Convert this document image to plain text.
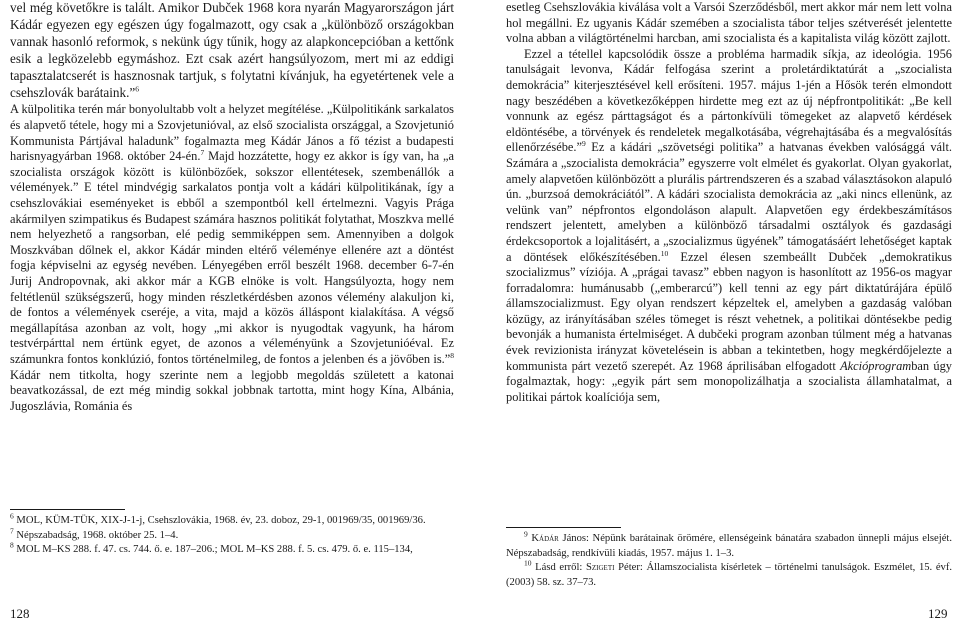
vel még követőkre is talált. Amikor Dubček 1968 kora nyarán Magyarországon járt Kádár egyezen egy egészen úgy fogalmazott, ogy csak a „különböző országokban vannak hasonló reformok, s nekünk úgy tűnik, hogy az alapkoncepcióban a kettőnk esik a legközelebb egymáshoz. Ezt csak azért hangsúlyozom, mert mi az eddigi tapasztalatcserét is hasznosnak tartjuk, s folytatni kívánjuk, ha egyetértenek vele a csehszlovák barátaink.”$^6$

A külpolitika terén már bonyolultabb volt a helyzet megítélése. „Külpolitikánk sarkalatos és alapvető tétele, hogy mi a Szovjetunióval, az első szocialista országgal, a Szovjetunió Kommunista Pártjával haladunk” fogalmazta meg Kádár János a fő tézist a budapesti harisnyagyárban 1968. október 24-én.$^7$ Majd hozzátette, hogy ez akkor is így van, ha „a szocialista országok között is különbözőek, sokszor ellentétesek, szembenállók a vélemények.” E tétel mindvégig sarkalatos pontja volt a kádári külpolitikának, így a csehszlovákiai eseményeket is ebből a szempontból kell értelmezni. Vagyis Prága akármilyen szimpatikus és Budapest számára hasznos politikát folytathat, Moszkva mellé nem helyezhető a rangsorban, elé pedig semmiképpen sem. Amennyiben a dolgok Moszkvában dőlnek el, akkor Kádár minden eltérő véleménye ellenére azt a döntést fogja képviselni az egység nevében. Lényegében erről beszélt 1968. december 6-7-én Jurij Andropovnak, aki akkor már a KGB elnöke is volt. Hangsúlyozta, hogy nem feltétlenül szükségszerű, hogy minden részletkérdésben azonos vélemény alakuljon ki, de fontos a vélemények cseréje, a vita, majd a közös álláspont kialakítása. A végső megállapítása azonban az volt, hogy „mi akkor is nyugodtak vagyunk, ha három testvérpárttal nem értünk egyet, de azonos a véleményünk a Szovjetunióéval. Ez számunkra fontos konklúzió, fontos történelmileg, de fontos a jelenben és a jövőben is.”$^8$ Kádár nem titkolta, hogy szerinte nem a legjobb megoldás született a katonai beavatkozással, de ezt még mindig sokkal jobbnak tartotta, mint hogy Kína, Albánia, Jugoszlávia, Románia és

$^6$ MOL, KÜM-TÜK, XIX-J-1-j, Csehszlovákia, 1968. év, 23. doboz, 29-1, 001969/35, 001969/36.

$^7$ Népszabadság, 1968. október 25. 1–4.

$^8$ MOL M–KS 288. f. 47. cs. 744. ő. e. 187–206.; MOL M–KS 288. f. 5. cs. 479. ő. e. 115–134,

128

esetleg Csehszlovákia kiválása volt a Varsói Szerződésből, mert akkor már nem lett volna hol megállni. Ez ugyanis Kádár szemében a szocialista tábor teljes szétverését jelentette volna abban a világtörténelmi harcban, ami szocialista és a kapitalista világ között zajlott.

Ezzel a tétellel kapcsolódik össze a probléma harmadik síkja, az ideológia. 1956 tanulságait levonva, Kádár felfogása szerint a proletárdiktatúrát a „szocialista demokrácia” kiterjesztésével kell erősíteni. 1957. május 1-jén a Hősök terén elmondott nagy beszédében a következőképpen hirdette meg ezt az új népfrontpolitikát: „Be kell vonnunk az egész párttagságot és a pártonkívüli tömegeket az alapvető kérdések eldöntésébe, a törvények és rendeletek megalkotásába, végrehajtásába és a megvalósítás ellenőrzésébe.”$^9$ Ez a kádári „szövetségi politika” a hatvanas években valósággá vált. Számára a „szocialista demokrácia” egyszerre volt elmélet és gyakorlat. Olyan gyakorlat, amely alapvetően különbözött a plurális pártrendszeren és a szabad választásokon alapuló ún. „burzsoá demokráciától”. A kádári szocialista demokrácia az „aki nincs ellenünk, az velünk van” népfrontos elgondoláson alapult. Alapvetően egy érdekbeszámításos rendszert jelentett, amelyben a különböző társadalmi osztályok és gazdasági érdekcsoportok a lojalitásért, a „szocializmus ügyének” támogatásáért lehetőséget kaptak a döntések előkészítésében.$^{10}$ Ezzel élesen szembeállt Dubček „demokratikus szocializmus” víziója. A „prágai tavasz” ebben nagyon is hasonlított az 1956-os magyar forradalomra: humánusabb („emberarcú”) kell tenni az egy párt diktatúrájára épülő államszocializmust. Egy olyan rendszert képzeltek el, amelyben a gazdaság valóban közügy, az irányításában széles tömeget is részt vehetnek, a politikai döntésekbe pedig bevonják a humanista értelmiséget. A dubčeki program azonban túlment még a hatvanas évek revizionista irányzat követelésein is abban a tekintetben, hogy megkérdőjelezte a kommunista párt vezető szerepét. Az 1968 áprilisában elfogadott Akcióprogramban úgy fogalmaztak, hogy: „egyik párt sem monopolizálhatja a szocialista államhatalmat, a politikai pártok koalíciója sem,

$^9$ Kádár János: Népünk barátainak örömére, ellenségeink bánatára szabadon ünnepli május elsejét. Népszabadság, rendkívüli kiadás, 1957. május 1. 1–3.

$^{10}$ Lásd erről: Szigeti Péter: Államszocialista kísérletek – történelmi tanulságok. Eszmélet, 15. évf. (2003) 58. sz. 37–73.

129
